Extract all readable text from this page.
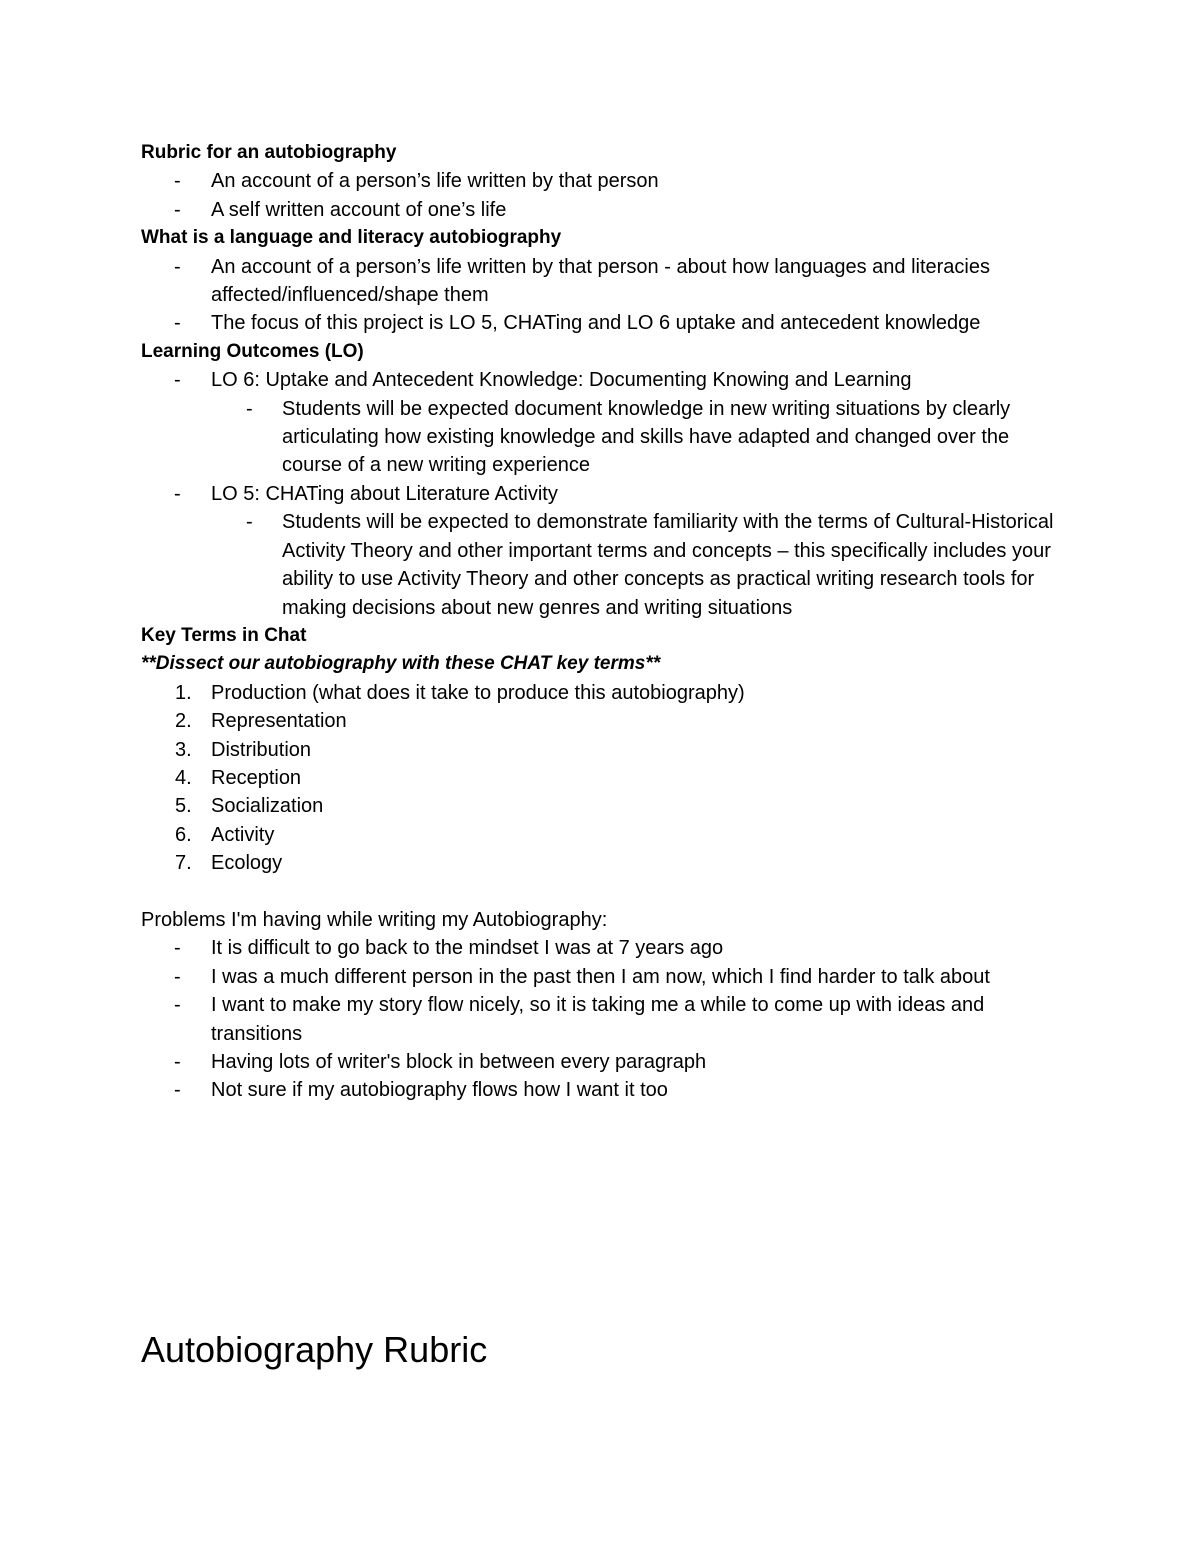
Rubric for an autobiography

- An account of a person’s life written by that person
- A self written account of one’s life

What is a language and literacy autobiography

- An account of a person’s life written by that person - about how languages and literacies affected/influenced/shape them
- The focus of this project is LO 5, CHATing and LO 6 uptake and antecedent knowledge

Learning Outcomes (LO)

- LO 6: Uptake and Antecedent Knowledge: Documenting Knowing and Learning
- Students will be expected document knowledge in new writing situations by clearly articulating how existing knowledge and skills have adapted and changed over the course of a new writing experience
- LO 5: CHATing about Literature Activity
- Students will be expected to demonstrate familiarity with the terms of Cultural-Historical Activity Theory and other important terms and concepts – this specifically includes your ability to use Activity Theory and other concepts as practical writing research tools for making decisions about new genres and writing situations

Key Terms in Chat

**Dissect our autobiography with these CHAT key terms**

1. Production (what does it take to produce this autobiography)
2. Representation
3. Distribution
4. Reception
5. Socialization
6. Activity
7. Ecology

Problems I'm having while writing my Autobiography:

- It is difficult to go back to the mindset I was at 7 years ago
- I was a much different person in the past then I am now, which I find harder to talk about
- I want to make my story flow nicely, so it is taking me a while to come up with ideas and transitions
- Having lots of writer's block in between every paragraph
- Not sure if my autobiography flows how I want it too
Autobiography Rubric
